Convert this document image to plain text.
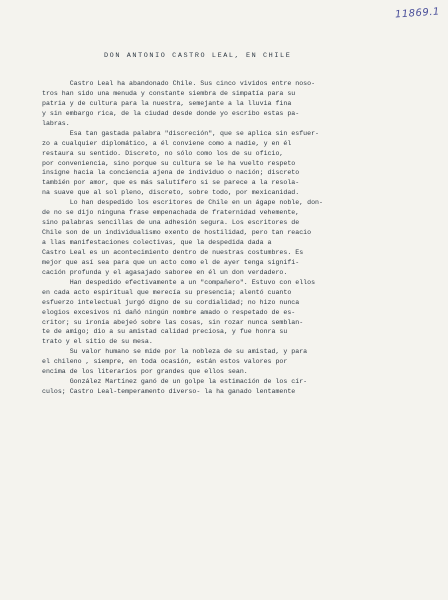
11869.1
DON ANTONIO CASTRO LEAL, EN CHILE
Castro Leal ha abandonado Chile. Sus cinco vividos entre noso-
tros han sido una menuda y constante siembra de simpatía para su
patria y de cultura para la nuestra, semejante a la lluvia fina
y sin embargo rica, de la ciudad desde donde yo escribo estas pa-
labras.
Esa tan gastada palabra "discreción", que se aplica sin esfuer-
zo a cualquier diplomático, a él conviene como a nadie, y en él
restaura su sentido. Discreto, no sólo como los de su oficio,
por conveniencia, sino porque su cultura se le ha vuelto respeto
insigne hacia la conciencia ajena de individuo o nación; discreto
también por amor, que es más salutífero si se parece a la resola-
na suave que al sol pleno, discreto, sobre todo, por mexicanidad.
Lo han despedido los escritores de Chile en un ágape noble, don-
de no se dijo ninguna frase empenachada de fraternidad vehemente,
sino palabras sencillas de una adhesión segura. Los escritores de
Chile son de un individualismo exento de hostilidad, pero tan reacio
a llas manifestaciones colectivas, que la despedida dada a
Castro Leal es un acontecimiento dentro de nuestras costumbres. Es
mejor que así sea para que un acto como el de ayer tenga signifi-
cación profunda y el agasajado saboree en él un don verdadero.
Han despedido efectivamente a un "compañero". Estuvo con ellos
en cada acto espiritual que merecía su presencia; alentó cuanto
esfuerzo intelectual jurgó digno de su cordialidad; no hizo nunca
elogios excesivos ni dañó ningún nombre amado o respetado de es-
critor; su ironía abejeó sobre las cosas, sin rozar nunca semblan-
te de amigo; dio a su amistad calidad preciosa, y fue honra su
trato y el sitio de su mesa.
Su valor humano se mide por la nobleza de su amistad, y para
el chileno , siempre, en toda ocasión, están estos valores por
encima de los literarios por grandes que ellos sean.
González Martínez ganó de un golpe la estimación de los cír-
culos; Castro Leal-temperamento diverso- la ha ganado lentamente
